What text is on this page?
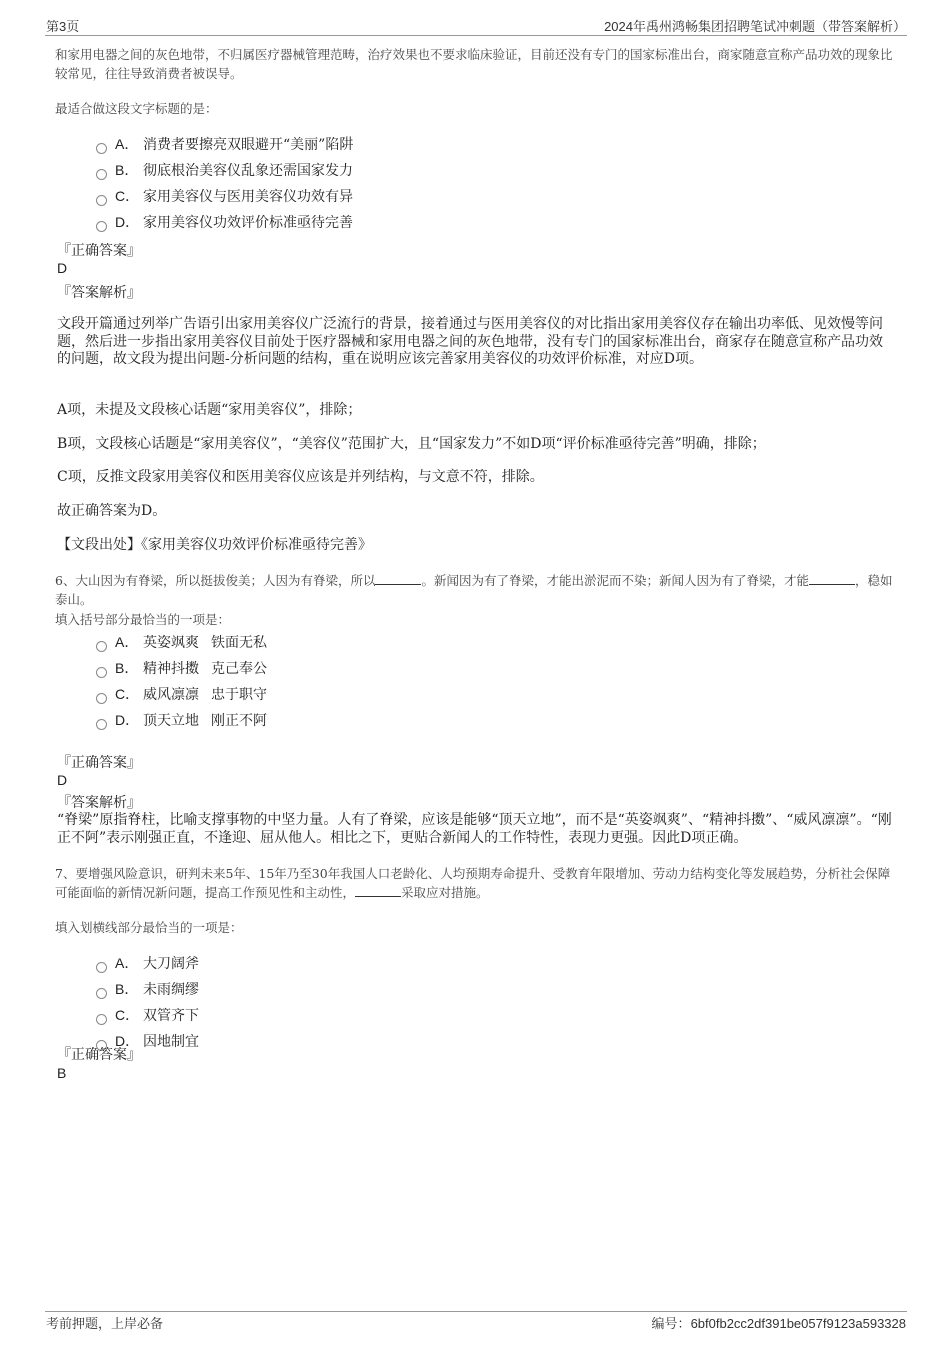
第3页	2024年禹州鸿畅集团招聘笔试冲刺题（带答案解析）
和家用电器之间的灰色地带，不归属医疗器械管理范畴，治疗效果也不要求临床验证，目前还没有专门的国家标准出台，商家随意宣称产品功效的现象比较常见，往往导致消费者被误导。
最适合做这段文字标题的是：
A． 消费者要擦亮双眼避开“美丽”陷阱
B． 彻底根治美容仪乱象还需国家发力
C． 家用美容仪与医用美容仪功效有异
D． 家用美容仪功效评价标准亟待完善
『正确答案』
D
『答案解析』
文段开篇通过列举广告语引出家用美容仪广泛流行的背景，接着通过与医用美容仪的对比指出家用美容仪存在输出功率低、见效慢等问题，然后进一步指出家用美容仪目前处于医疗器械和家用电器之间的灰色地带，没有专门的国家标准出台，商家存在随意宣称产品功效的问题，故文段为提出问题-分析问题的结构，重在说明应该完善家用美容仪的功效评价标准，对应D项。
A项，未提及文段核心话题“家用美容仪”，排除；
B项，文段核心话题是“家用美容仪”，“美容仪”范围扩大，且“国家发力”不如D项“评价标准亟待完善”明确，排除；
C项，反推文段家用美容仪和医用美容仪应该是并列结构，与文意不符，排除。
故正确答案为D。
【文段出处】《家用美容仪功效评价标准亟待完善》
6、大山因为有脊梁，所以挺拔俊美；人因为有脊梁，所以	。新闻因为有了脊梁，才能出淤泥而不染；新闻人因为有了脊梁，才能	，稳如泰山。
填入括号部分最恰当的一项是：
A． 英姿飒爽 铁面无私
B． 精神抖擞 克己奉公
C． 威风凛凛 忠于职守
D． 顶天立地 刚正不阿
『正确答案』
D
『答案解析』
“脊梁”原指脊柱，比喻支撑事物的中坚力量。人有了脊梁，应该是能够“顶天立地”，而不是“英姿飒爽”、“精神抖擞”、“威风凛凛”。“刚正不阿”表示刚强正直，不逢迎、屈从他人。相比之下，更贴合新闻人的工作特性，表现力更强。因此D项正确。
7、要增强风险意识，研判未来5年、15年乃至30年我国人口老龄化、人均预期寿命提升、受教育年限增加、劳动力结构变化等发展趋势，分析社会保障可能面临的新情况新问题，提高工作预见性和主动性，	采取应对措施。
填入划横线部分最恰当的一项是：
A． 大刀阔斧
B． 未雨绸缪
C． 双管齐下
D． 因地制宜
『正确答案』
B
考前押题，上岸必备	编号：6bf0fb2cc2df391be057f9123a593328
